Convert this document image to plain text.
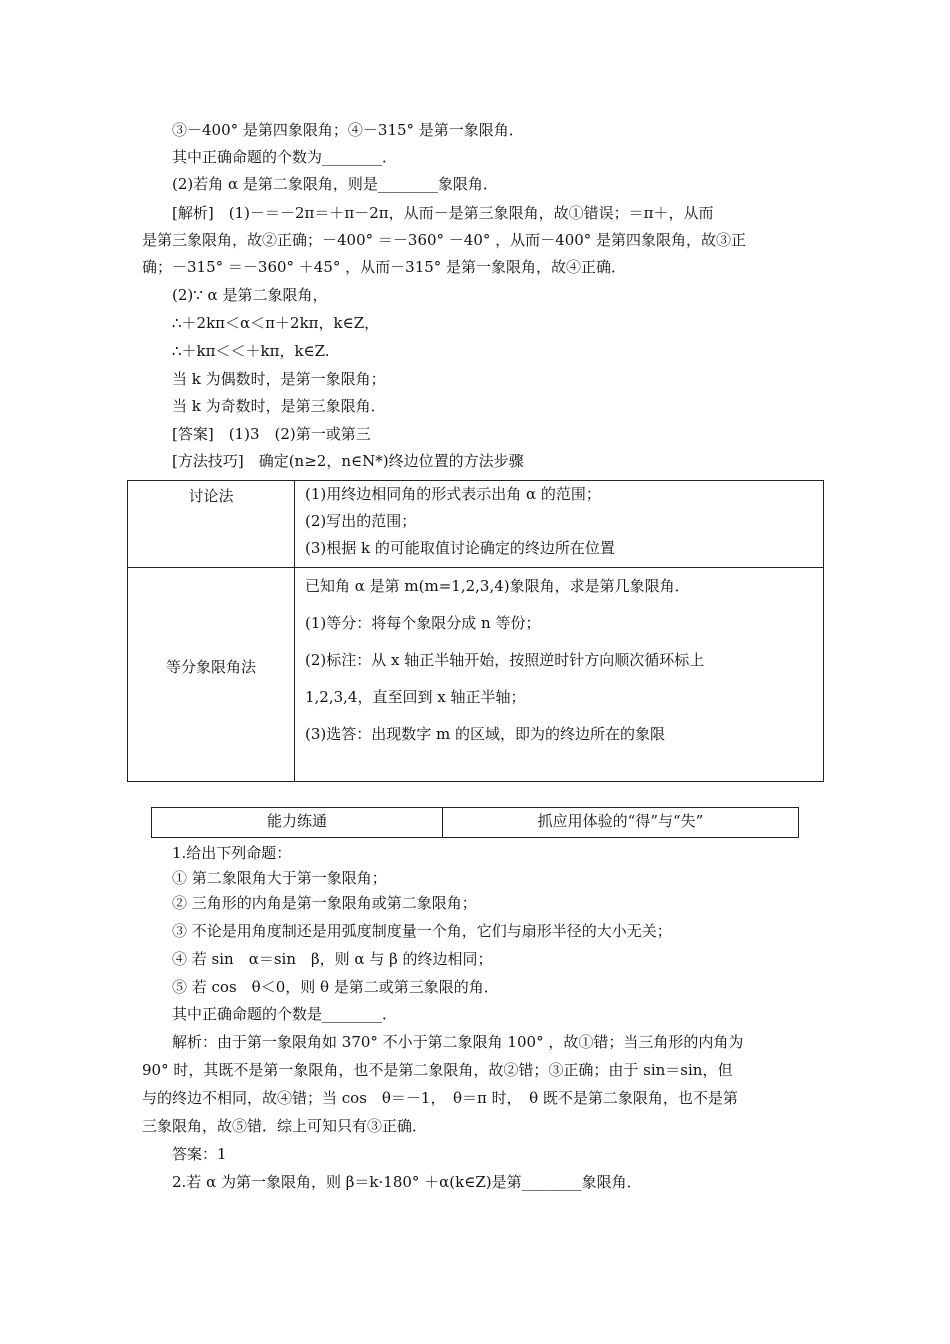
③－400° 是第四象限角；④－315° 是第一象限角．
其中正确命题的个数为________．
(2)若角 α 是第二象限角，则是________象限角．
[解析]　(1)－＝－2π＝＋π－2π，从而－是第三象限角，故①错误；＝π＋，从而
是第三象限角，故②正确；－400° ＝－360° －40° ，从而－400° 是第四象限角，故③正
确；－315° ＝－360° ＋45° ，从而－315° 是第一象限角，故④正确．
(2)∵ α 是第二象限角，
∴＋2kπ＜α＜π＋2kπ，k∈Z，
∴＋kπ＜＜＋kπ，k∈Z.
当 k 为偶数时，是第一象限角；
当 k 为奇数时，是第三象限角．
[答案]　(1)3　(2)第一或第三
[方法技巧]　确定(n≥2，n∈N*)终边位置的方法步骤
讨论法	(1)用终边相同角的形式表示出角 α 的范围；
(2)写出的范围；
(3)根据 k 的可能取值讨论确定的终边所在位置

等分象限角法	已知角 α 是第 m(m=1,2,3,4)象限角，求是第几象限角．
(1)等分：将每个象限分成 n 等份；
(2)标注：从 x 轴正半轴开始，按照逆时针方向顺次循环标上
1,2,3,4，直至回到 x 轴正半轴；
(3)选答：出现数字 m 的区域，即为的终边所在的象限
能力练通	抓应用体验的“得”与“失”
1.给出下列命题：
① 第二象限角大于第一象限角；
② 三角形的内角是第一象限角或第二象限角；
③ 不论是用角度制还是用弧度制度量一个角，它们与扇形半径的大小无关；
④ 若 sin　α＝sin　β，则 α 与 β 的终边相同；
⑤ 若 cos　θ＜0，则 θ 是第二或第三象限的角．
其中正确命题的个数是________．
解析：由于第一象限角如 370° 不小于第二象限角 100° ，故①错；当三角形的内角为
90° 时，其既不是第一象限角，也不是第二象限角，故②错；③正确；由于 sin＝sin，但
与的终边不相同，故④错；当 cos　θ＝－1，　θ＝π 时，　θ 既不是第二象限角，也不是第
三象限角，故⑤错．综上可知只有③正确．
答案：1
2.若 α 为第一象限角，则 β＝k·180° ＋α(k∈Z)是第________象限角．
